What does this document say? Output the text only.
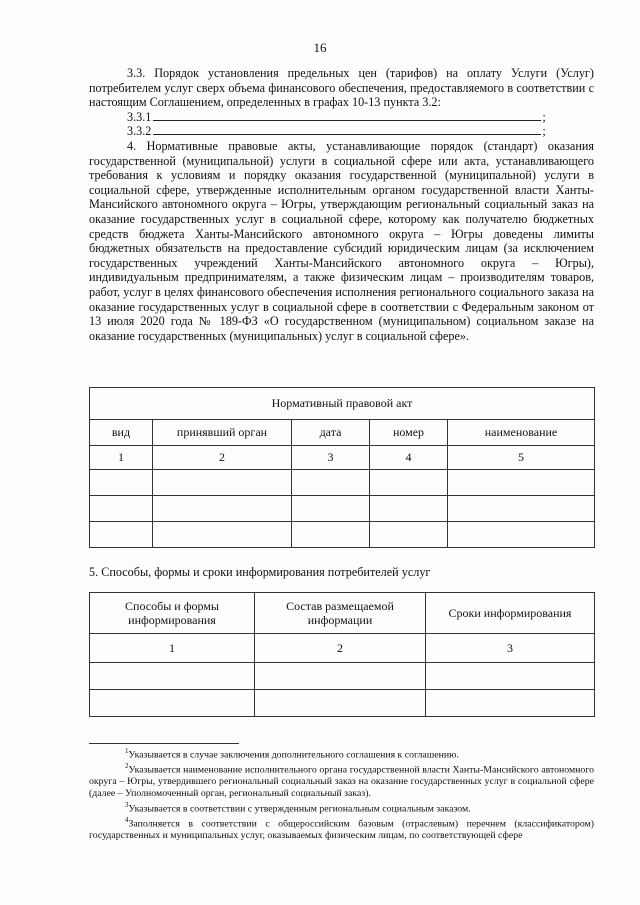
16

3.3. Порядок установления предельных цен (тарифов) на оплату Услуги (Услуг) потребителем услуг сверх объема финансового обеспечения, предоставляемого в соответствии с настоящим Соглашением, определенных в графах 10-13 пункта 3.2:

3.3.1	;
3.3.2	;

4. Нормативные правовые акты, устанавливающие порядок (стандарт) оказания государственной (муниципальной) услуги в социальной сфере или акта, устанавливающего требования к условиям и порядку оказания государственной (муниципальной) услуги в социальной сфере, утвержденные исполнительным органом государственной власти Ханты-Мансийского автономного округа – Югры, утверждающим региональный социальный заказ на оказание государственных услуг в социальной сфере, которому как получателю бюджетных средств бюджета Ханты-Мансийского автономного округа – Югры доведены лимиты бюджетных обязательств на предоставление субсидий юридическим лицам (за исключением государственных учреждений Ханты-Мансийского автономного округа – Югры), индивидуальным предпринимателям, а также физическим лицам – производителям товаров, работ, услуг в целях финансового обеспечения исполнения регионального социального заказа на оказание государственных услуг в социальной сфере в соответствии с Федеральным законом от 13 июля 2020 года № 189-ФЗ «О государственном (муниципальном) социальном заказе на оказание государственных (муниципальных) услуг в социальной сфере».

Нормативный правовой акт				
вид	принявший орган	дата	номер	наименование
1	2	3	4	5

5. Способы, формы и сроки информирования потребителей услуг
Способы и формы информирования	Состав размещаемой информации	Сроки информирования
1	2	3

$^1$Указывается в случае заключения дополнительного соглашения к соглашению.

$^2$Указывается наименование исполнительного органа государственной власти Ханты-Мансийского автономного округа – Югры, утвердившего региональный социальный заказ на оказание государственных услуг в социальной сфере (далее – Уполномоченный орган, региональный социальный заказ).

$^3$Указывается в соответствии с утвержденным региональным социальным заказом.

$^4$Заполняется в соответствии с общероссийским базовым (отраслевым) перечнем (классификатором) государственных и муниципальных услуг, оказываемых физическим лицам, по соответствующей сфере
